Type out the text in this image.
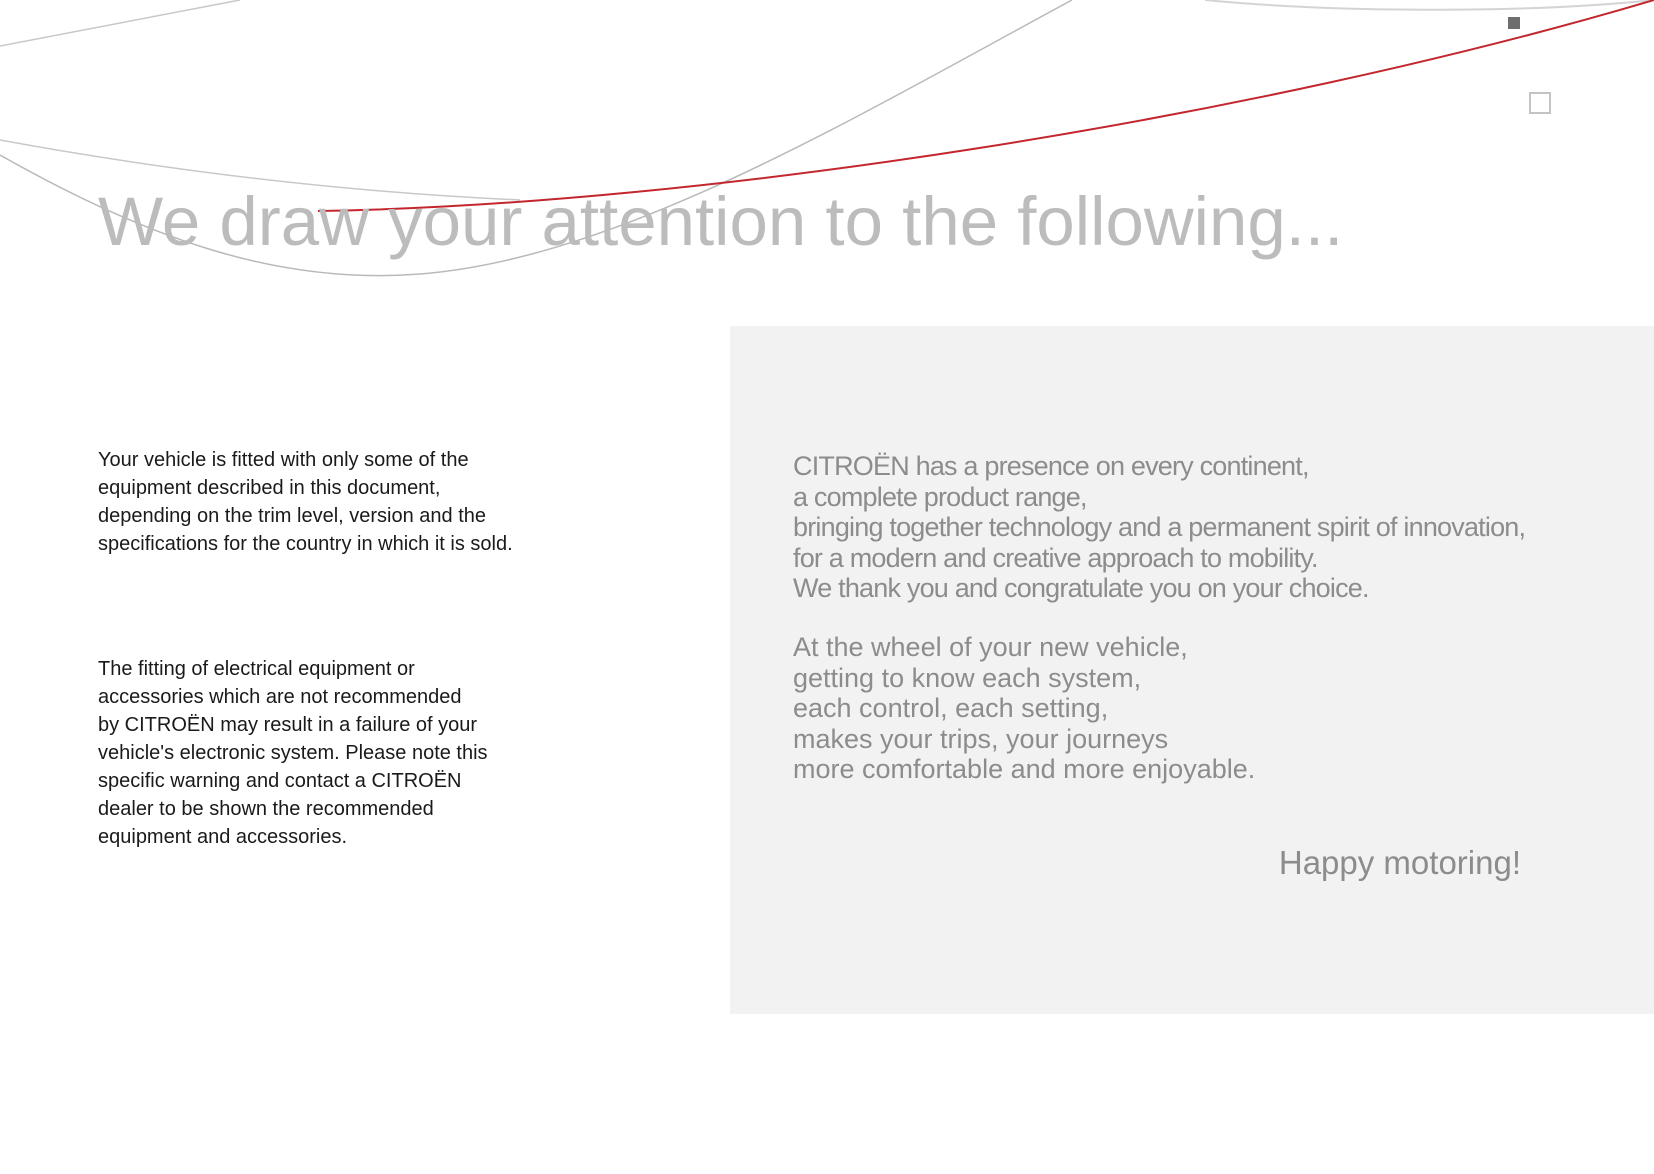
We draw your attention to the following...
Your vehicle is fitted with only some of the
equipment described in this document,
depending on the trim level, version and the
specifications for the country in which it is sold.
The fitting of electrical equipment or
accessories which are not recommended
by CITROËN may result in a failure of your
vehicle's electronic system. Please note this
specific warning and contact a CITROËN
dealer to be shown the recommended
equipment and accessories.
CITROËN has a presence on every continent,
a complete product range,
bringing together technology and a permanent spirit of innovation,
for a modern and creative approach to mobility.
We thank you and congratulate you on your choice.
At the wheel of your new vehicle,
getting to know each system,
each control, each setting,
makes your trips, your journeys
more comfortable and more enjoyable.
Happy motoring!
